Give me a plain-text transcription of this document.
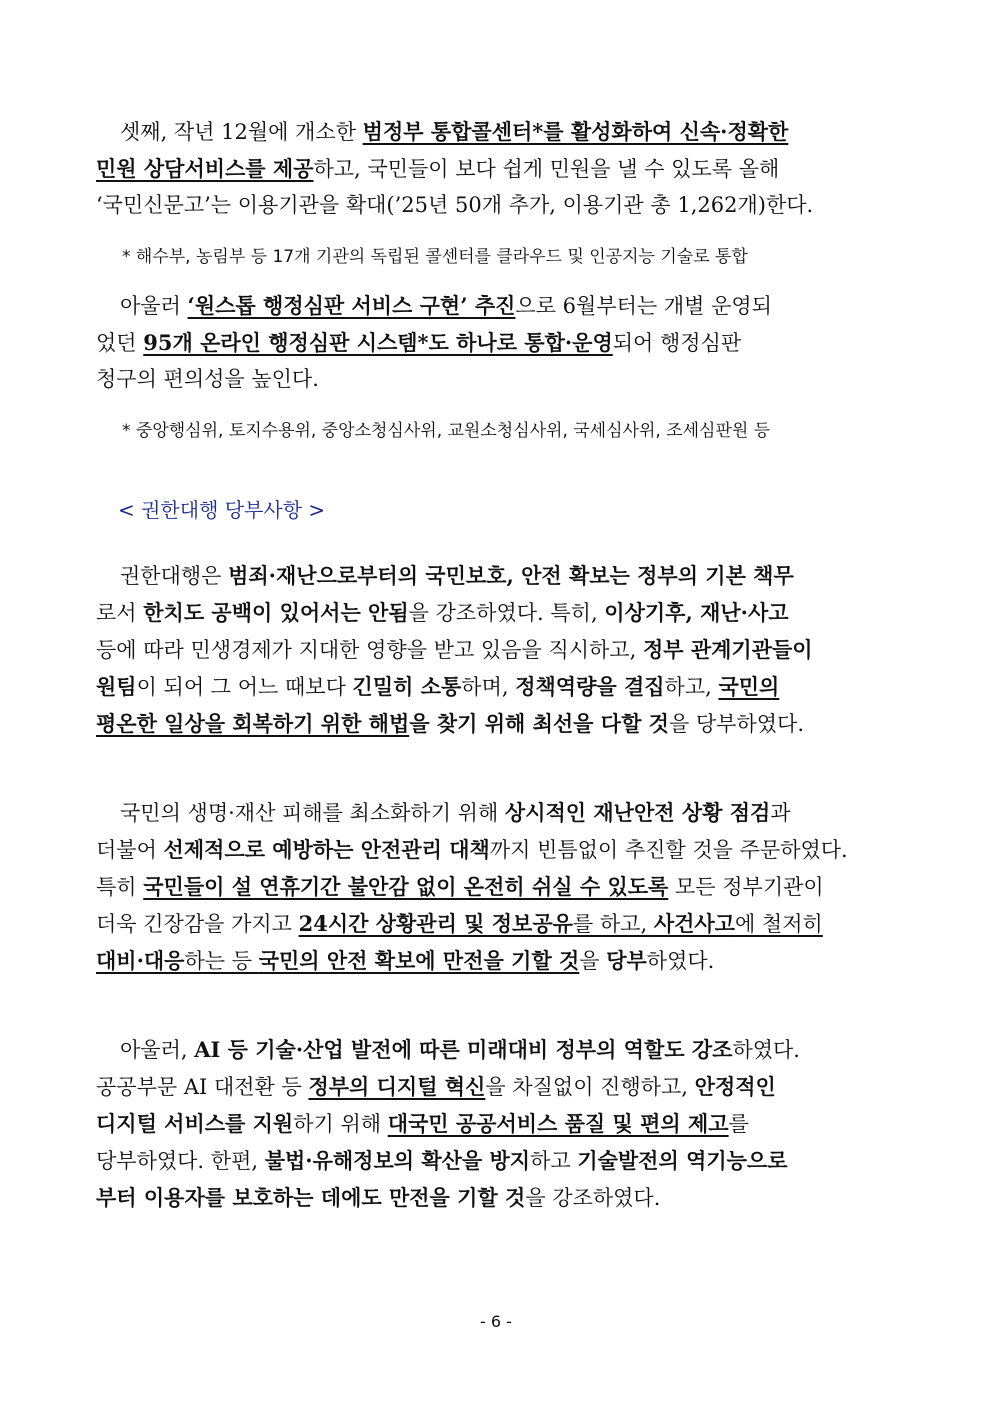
셋째, 작년 12월에 개소한 범정부 통합콜센터*를 활성화하여 신속·정확한
민원 상담서비스를 제공하고, 국민들이 보다 쉽게 민원을 낼 수 있도록 올해
‘국민신문고’는 이용기관을 확대(’25년 50개 추가, 이용기관 총 1,262개)한다.
* 해수부, 농림부 등 17개 기관의 독립된 콜센터를 클라우드 및 인공지능 기술로 통합
아울러 ‘원스톱 행정심판 서비스 구현’ 추진으로 6월부터는 개별 운영되
었던 95개 온라인 행정심판 시스템*도 하나로 통합·운영되어 행정심판
청구의 편의성을 높인다.
* 중앙행심위, 토지수용위, 중앙소청심사위, 교원소청심사위, 국세심사위, 조세심판원 등
< 권한대행 당부사항 >
권한대행은 범죄·재난으로부터의 국민보호, 안전 확보는 정부의 기본 책무
로서 한치도 공백이 있어서는 안됨을 강조하였다. 특히, 이상기후, 재난·사고
등에 따라 민생경제가 지대한 영향을 받고 있음을 직시하고, 정부 관계기관들이
원팀이 되어 그 어느 때보다 긴밀히 소통하며, 정책역량을 결집하고, 국민의
평온한 일상을 회복하기 위한 해법을 찾기 위해 최선을 다할 것을 당부하였다.
국민의 생명·재산 피해를 최소화하기 위해 상시적인 재난안전 상황 점검과
더불어 선제적으로 예방하는 안전관리 대책까지 빈틈없이 추진할 것을 주문하였다.
특히 국민들이 설 연휴기간 불안감 없이 온전히 쉬실 수 있도록 모든 정부기관이
더욱 긴장감을 가지고 24시간 상황관리 및 정보공유를 하고, 사건사고에 철저히
대비·대응하는 등 국민의 안전 확보에 만전을 기할 것을 당부하였다.
아울러, AI 등 기술·산업 발전에 따른 미래대비 정부의 역할도 강조하였다.
공공부문 AI 대전환 등 정부의 디지털 혁신을 차질없이 진행하고, 안정적인
디지털 서비스를 지원하기 위해 대국민 공공서비스 품질 및 편의 제고를
당부하였다. 한편, 불법·유해정보의 확산을 방지하고 기술발전의 역기능으로
부터 이용자를 보호하는 데에도 만전을 기할 것을 강조하였다.
- 6 -
